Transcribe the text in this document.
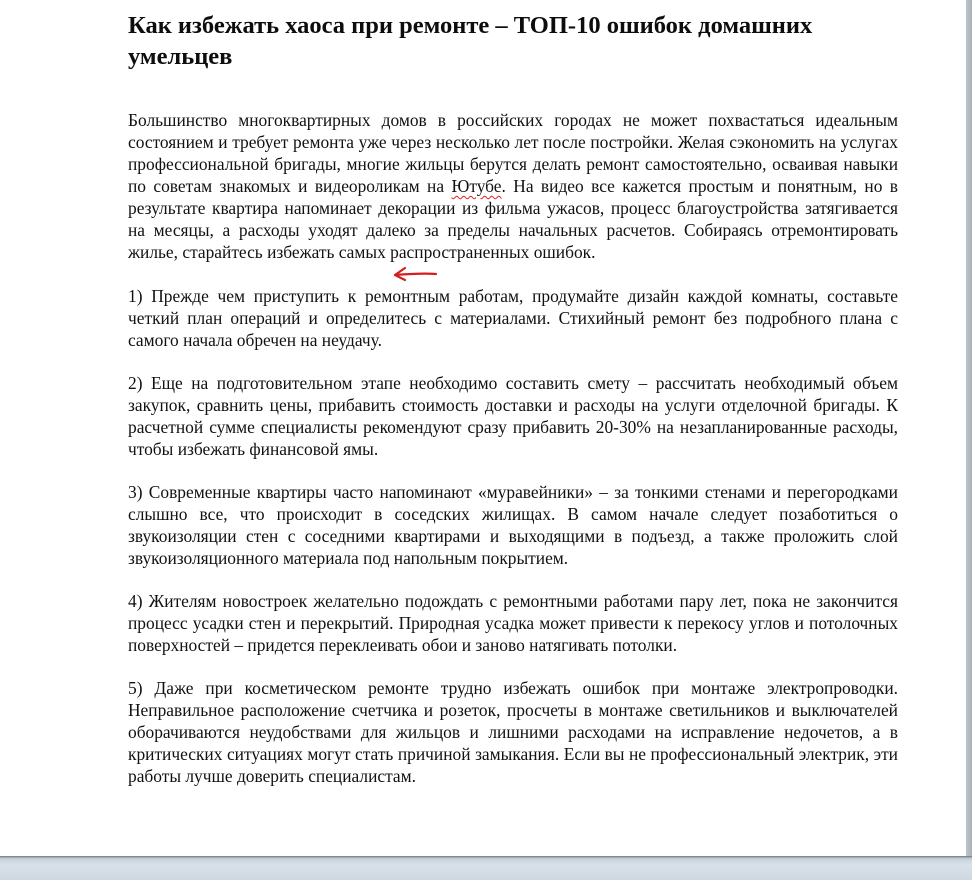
Как избежать хаоса при ремонте – ТОП-10 ошибок домашних умельцев

Большинство многоквартирных домов в российских городах не может похвастаться идеальным состоянием и требует ремонта уже через несколько лет после постройки. Желая сэкономить на услугах профессиональной бригады, многие жильцы берутся делать ремонт самостоятельно, осваивая навыки по советам знакомых и видеороликам на Ютубе. На видео все кажется простым и понятным, но в результате квартира напоминает декорации из фильма ужасов, процесс благоустройства затягивается на месяцы, а расходы уходят далеко за пределы начальных расчетов. Собираясь отремонтировать жилье, старайтесь избежать самых распространенных ошибок.

1) Прежде чем приступить к ремонтным работам, продумайте дизайн каждой комнаты, составьте четкий план операций и определитесь с материалами. Стихийный ремонт без подробного плана с самого начала обречен на неудачу.

2) Еще на подготовительном этапе необходимо составить смету – рассчитать необходимый объем закупок, сравнить цены, прибавить стоимость доставки и расходы на услуги отделочной бригады. К расчетной сумме специалисты рекомендуют сразу прибавить 20-30% на незапланированные расходы, чтобы избежать финансовой ямы.

3) Современные квартиры часто напоминают «муравейники» – за тонкими стенами и перегородками слышно все, что происходит в соседских жилищах. В самом начале следует позаботиться о звукоизоляции стен с соседними квартирами и выходящими в подъезд, а также проложить слой звукоизоляционного материала под напольным покрытием.

4) Жителям новостроек желательно подождать с ремонтными работами пару лет, пока не закончится процесс усадки стен и перекрытий. Природная усадка может привести к перекосу углов и потолочных поверхностей – придется переклеивать обои и заново натягивать потолки.

5) Даже при косметическом ремонте трудно избежать ошибок при монтаже электропроводки. Неправильное расположение счетчика и розеток, просчеты в монтаже светильников и выключателей оборачиваются неудобствами для жильцов и лишними расходами на исправление недочетов, а в критических ситуациях могут стать причиной замыкания. Если вы не профессиональный электрик, эти работы лучше доверить специалистам.
